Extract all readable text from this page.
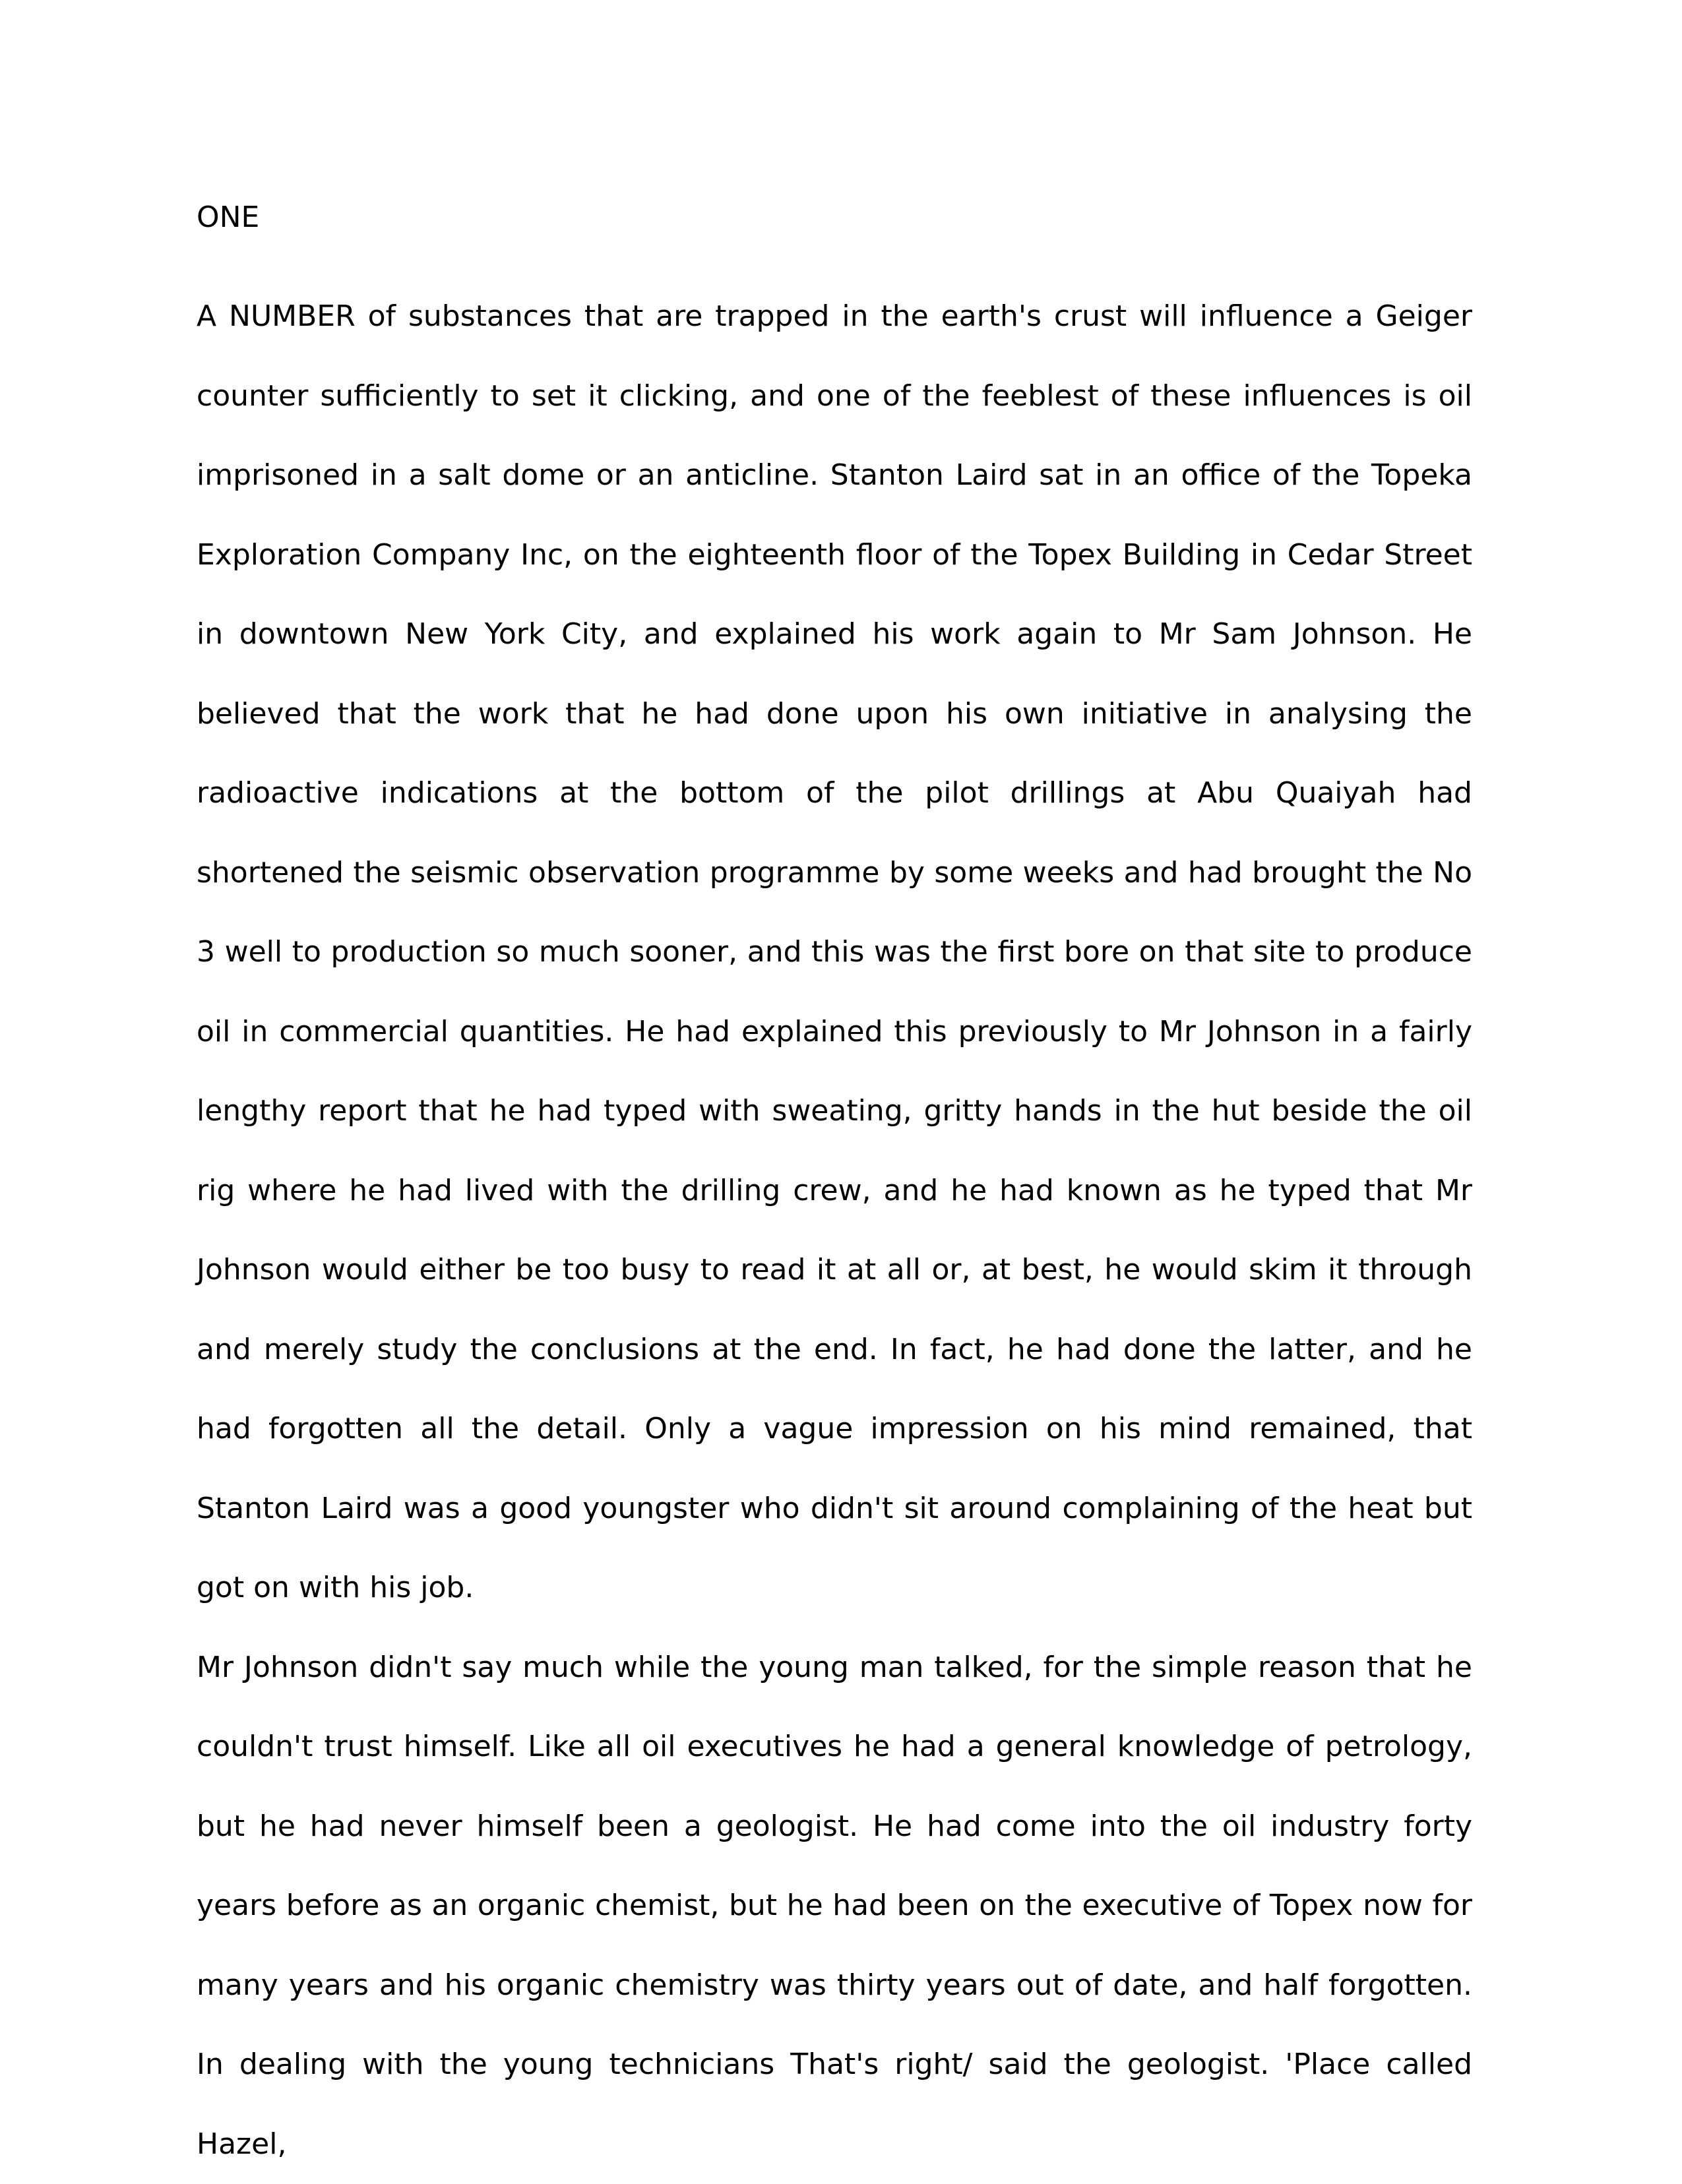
ONE

A NUMBER of substances that are trapped in the earth's crust will influence a Geiger counter sufficiently to set it clicking, and one of the feeblest of these influences is oil imprisoned in a salt dome or an anticline. Stanton Laird sat in an office of the Topeka Exploration Company Inc, on the eighteenth floor of the Topex Building in Cedar Street in downtown New York City, and explained his work again to Mr Sam Johnson. He believed that the work that he had done upon his own initiative in analysing the radioactive indications at the bottom of the pilot drillings at Abu Quaiyah had shortened the seismic observation programme by some weeks and had brought the No 3 well to production so much sooner, and this was the first bore on that site to produce oil in commercial quantities. He had explained this previously to Mr Johnson in a fairly lengthy report that he had typed with sweating, gritty hands in the hut beside the oil rig where he had lived with the drilling crew, and he had known as he typed that Mr Johnson would either be too busy to read it at all or, at best, he would skim it through and merely study the conclusions at the end. In fact, he had done the latter, and he had forgotten all the detail. Only a vague impression on his mind remained, that Stanton Laird was a good youngster who didn't sit around complaining of the heat but got on with his job.

Mr Johnson didn't say much while the young man talked, for the simple reason that he couldn't trust himself. Like all oil executives he had a general knowledge of petrology, but he had never himself been a geologist. He had come into the oil industry forty years before as an organic chemist, but he had been on the executive of Topex now for many years and his organic chemistry was thirty years out of date, and half forgotten. In dealing with the young technicians That's right/ said the geologist. 'Place called Hazel,
